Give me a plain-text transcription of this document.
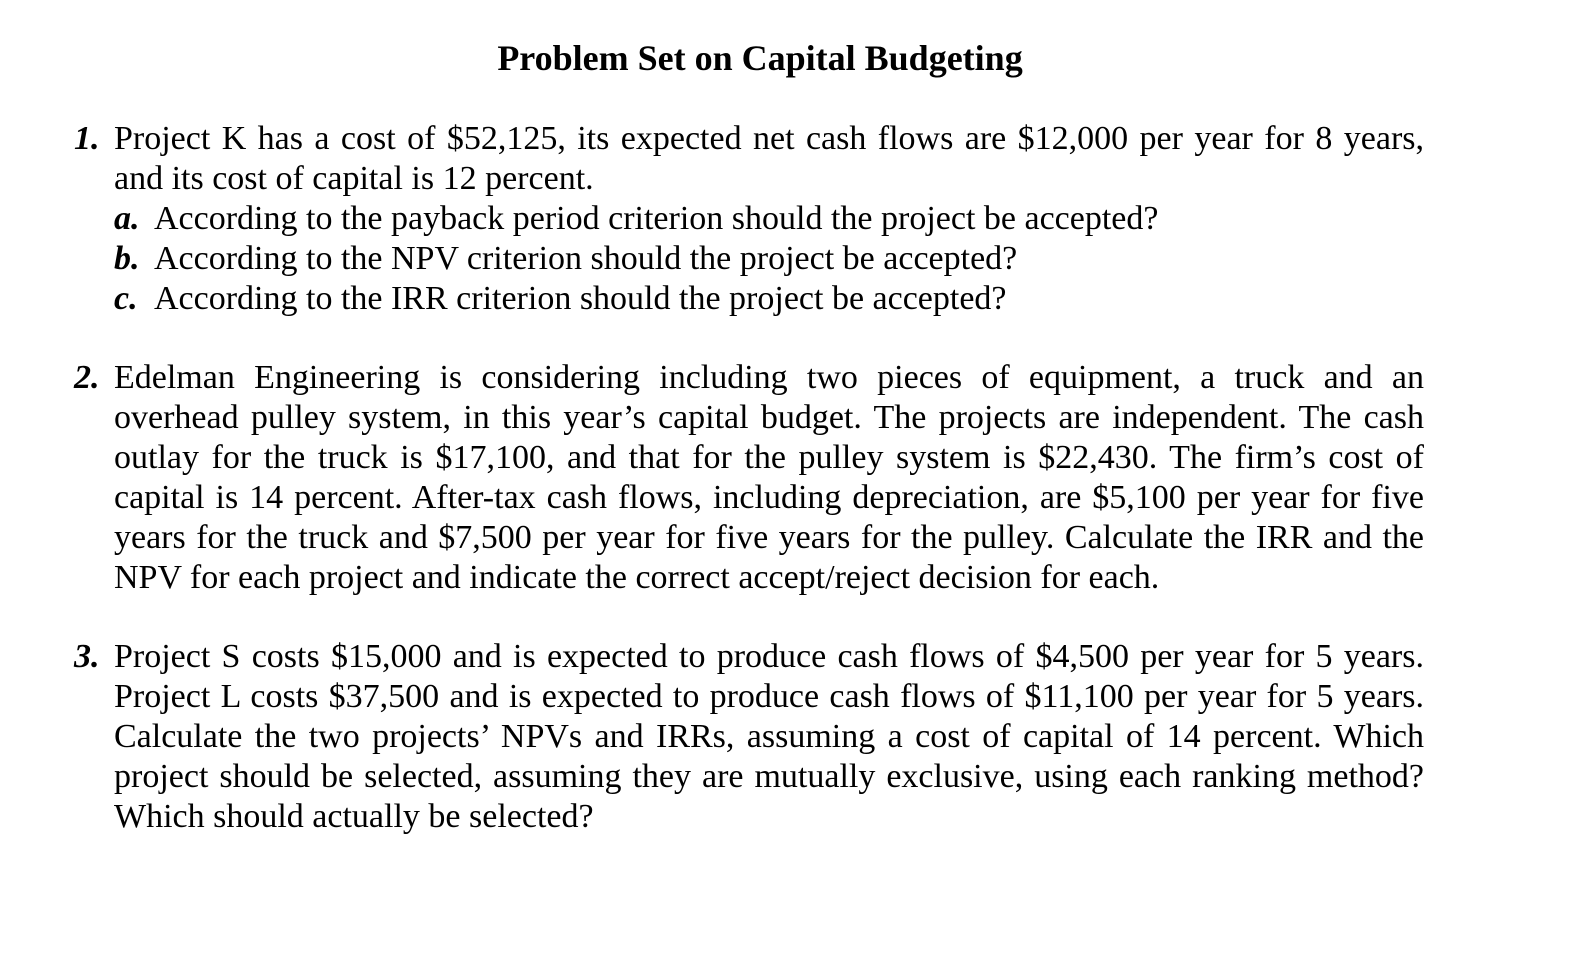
Problem Set on Capital Budgeting
1. Project K has a cost of $52,125, its expected net cash flows are $12,000 per year for 8 years, and its cost of capital is 12 percent.
a. According to the payback period criterion should the project be accepted?
b. According to the NPV criterion should the project be accepted?
c. According to the IRR criterion should the project be accepted?
2. Edelman Engineering is considering including two pieces of equipment, a truck and an overhead pulley system, in this year’s capital budget. The projects are independent. The cash outlay for the truck is $17,100, and that for the pulley system is $22,430. The firm’s cost of capital is 14 percent. After-tax cash flows, including depreciation, are $5,100 per year for five years for the truck and $7,500 per year for five years for the pulley. Calculate the IRR and the NPV for each project and indicate the correct accept/reject decision for each.
3. Project S costs $15,000 and is expected to produce cash flows of $4,500 per year for 5 years. Project L costs $37,500 and is expected to produce cash flows of $11,100 per year for 5 years. Calculate the two projects’ NPVs and IRRs, assuming a cost of capital of 14 percent. Which project should be selected, assuming they are mutually exclusive, using each ranking method? Which should actually be selected?
